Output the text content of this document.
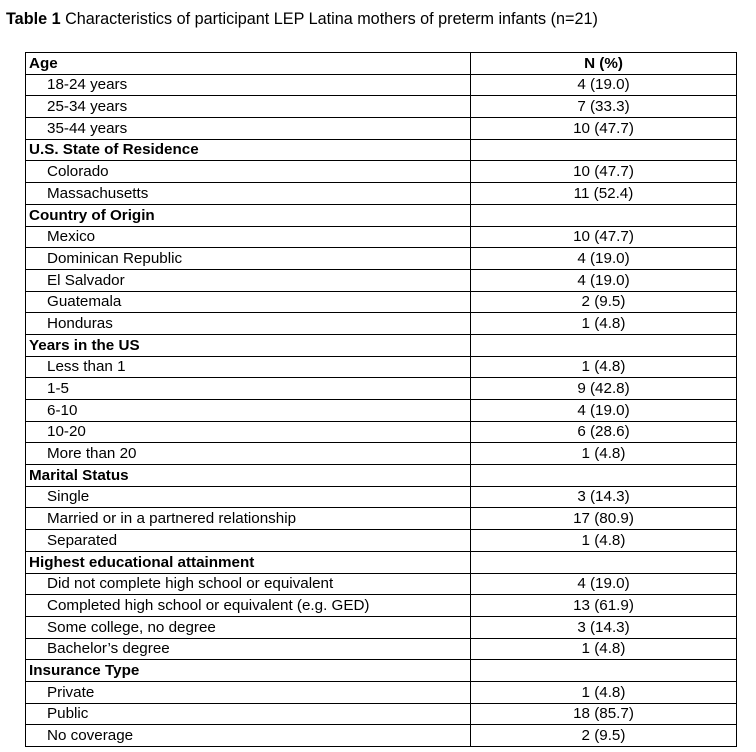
Table 1 Characteristics of participant LEP Latina mothers of preterm infants (n=21)
Age	N (%)
18-24 years	4 (19.0)
25-34 years	7 (33.3)
35-44 years	10 (47.7)
U.S. State of Residence	
Colorado	10 (47.7)
Massachusetts	11 (52.4)
Country of Origin	
Mexico	10 (47.7)
Dominican Republic	4 (19.0)
El Salvador	4 (19.0)
Guatemala	2 (9.5)
Honduras	1 (4.8)
Years in the US	
Less than 1	1 (4.8)
1-5	9 (42.8)
6-10	4 (19.0)
10-20	6 (28.6)
More than 20	1 (4.8)
Marital Status	
Single	3 (14.3)
Married or in a partnered relationship	17 (80.9)
Separated	1 (4.8)
Highest educational attainment	
Did not complete high school or equivalent	4 (19.0)
Completed high school or equivalent (e.g. GED)	13 (61.9)
Some college, no degree	3 (14.3)
Bachelor’s degree	1 (4.8)
Insurance Type	
Private	1 (4.8)
Public	18 (85.7)
No coverage	2 (9.5)
